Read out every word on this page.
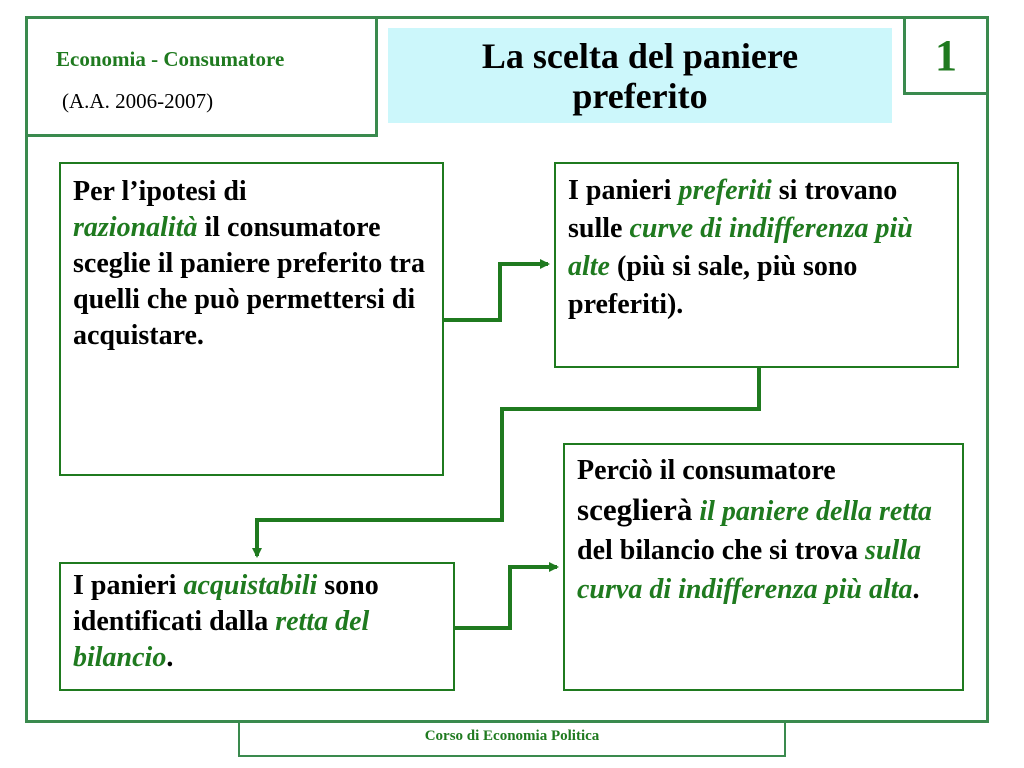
Economia - Consumatore
(A.A. 2006-2007)
La scelta del paniere
preferito
1
Per l’ipotesi di
razionalità il consumatore sceglie il paniere preferito tra quelli che può permettersi di acquistare.
I panieri preferiti si trovano sulle curve di indifferenza più alte (più si sale, più sono preferiti).
I panieri acquistabili sono identificati dalla retta del bilancio.
Perciò il consumatore sceglierà il paniere della retta del bilancio che si trova sulla curva di indifferenza più alta.
Corso di Economia Politica
